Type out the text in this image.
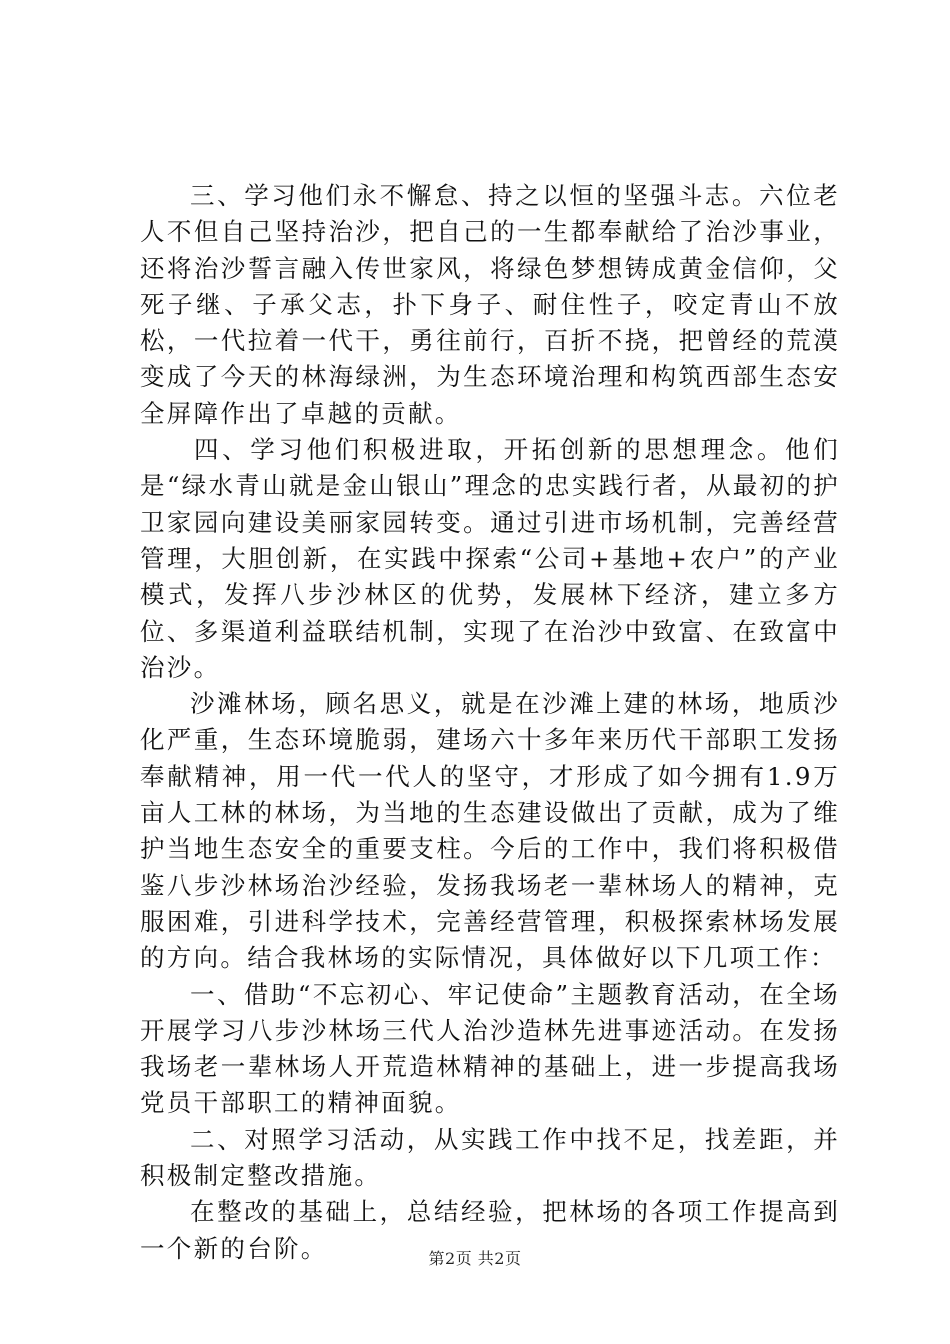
三、学习他们永不懈怠、持之以恒的坚强斗志。六位老人不但自己坚持治沙，把自己的一生都奉献给了治沙事业，还将治沙誓言融入传世家风，将绿色梦想铸成黄金信仰，父死子继、子承父志，扑下身子、耐住性子，咬定青山不放松，一代拉着一代干，勇往前行，百折不挠，把曾经的荒漠变成了今天的林海绿洲，为生态环境治理和构筑西部生态安全屏障作出了卓越的贡献。

四、学习他们积极进取，开拓创新的思想理念。他们是“绿水青山就是金山银山”理念的忠实践行者，从最初的护卫家园向建设美丽家园转变。通过引进市场机制，完善经营管理，大胆创新，在实践中探索“公司+基地+农户”的产业模式，发挥八步沙林区的优势，发展林下经济，建立多方位、多渠道利益联结机制，实现了在治沙中致富、在致富中治沙。

沙滩林场，顾名思义，就是在沙滩上建的林场，地质沙化严重，生态环境脆弱，建场六十多年来历代干部职工发扬奉献精神，用一代一代人的坚守，才形成了如今拥有1.9万亩人工林的林场，为当地的生态建设做出了贡献，成为了维护当地生态安全的重要支柱。今后的工作中，我们将积极借鉴八步沙林场治沙经验，发扬我场老一辈林场人的精神，克服困难，引进科学技术，完善经营管理，积极探索林场发展的方向。结合我林场的实际情况，具体做好以下几项工作：

一、借助“不忘初心、牢记使命”主题教育活动，在全场开展学习八步沙林场三代人治沙造林先进事迹活动。在发扬我场老一辈林场人开荒造林精神的基础上，进一步提高我场党员干部职工的精神面貌。

二、对照学习活动，从实践工作中找不足，找差距，并积极制定整改措施。

在整改的基础上，总结经验，把林场的各项工作提高到一个新的台阶。	第2页 共2页
